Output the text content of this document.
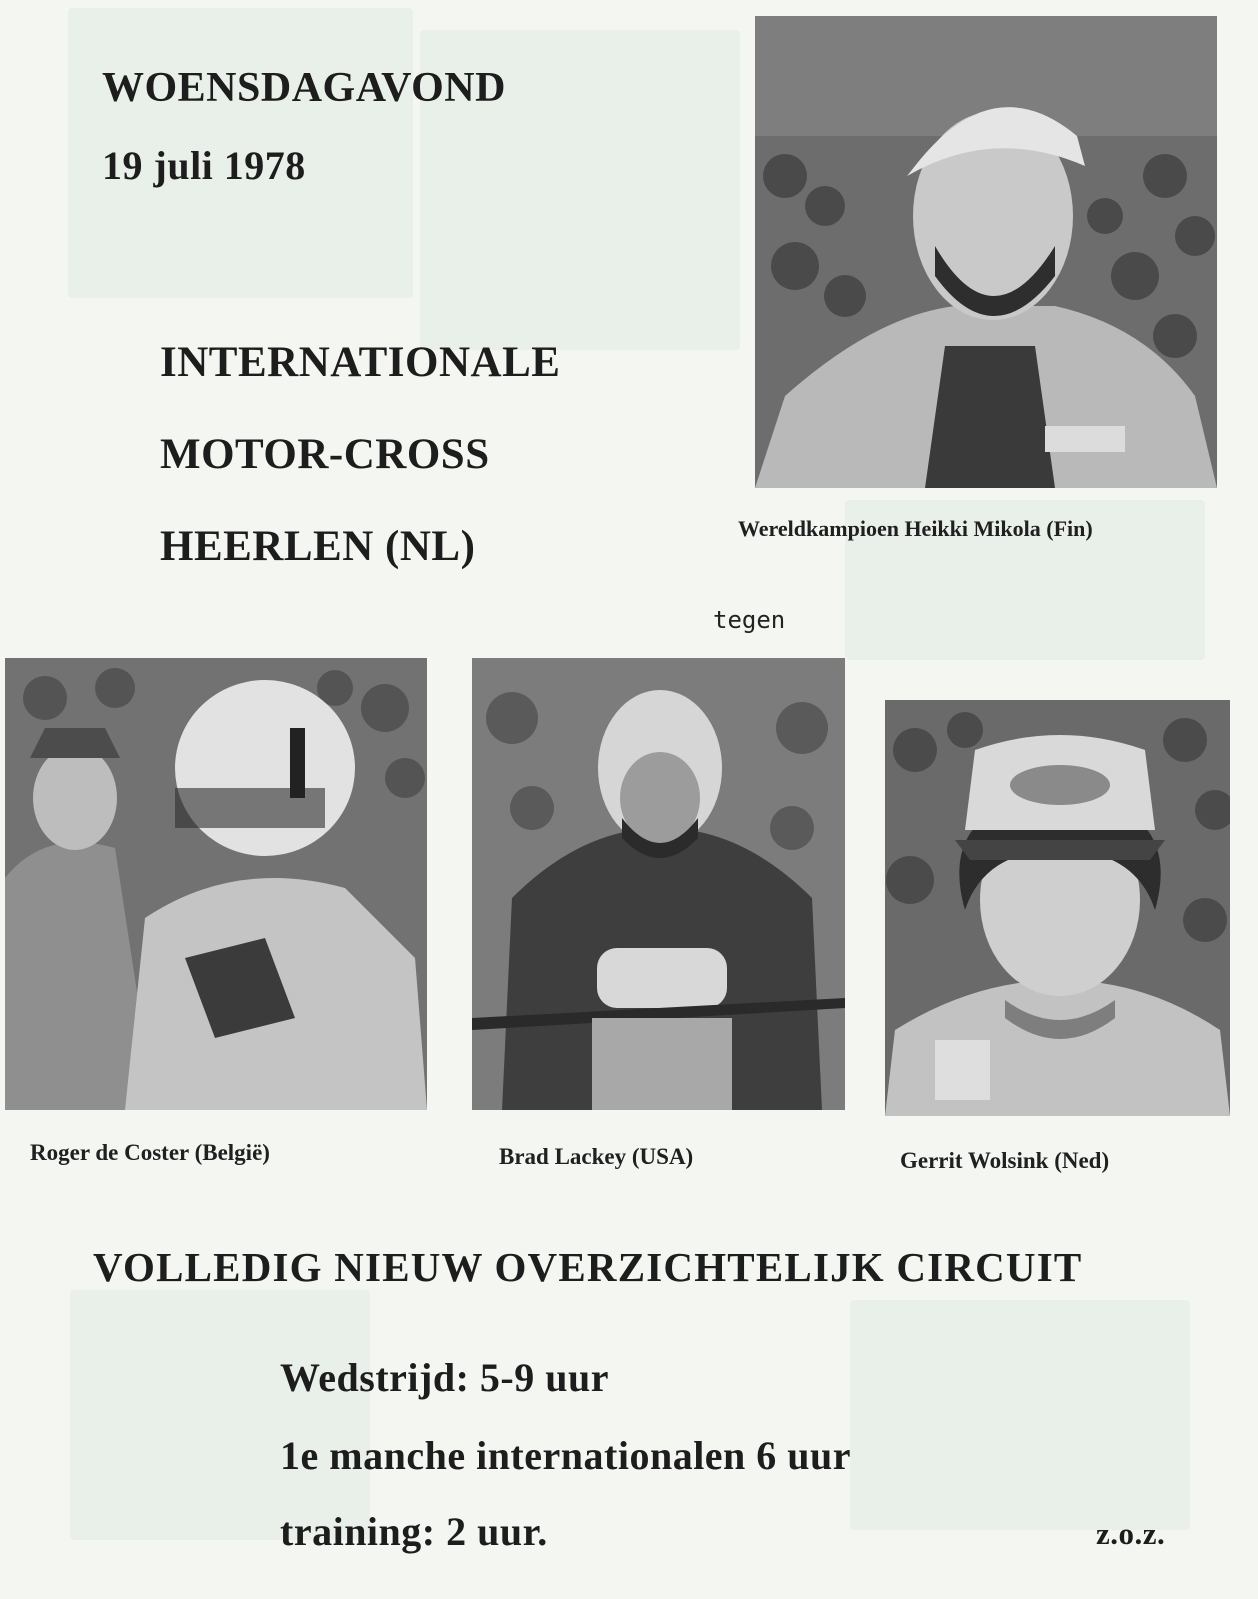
WOENSDAGAVOND
19 juli 1978
INTERNATIONALE
MOTOR-CROSS
HEERLEN (NL)	Wereldkampioen Heikki Mikola (Fin)
tegen
Roger de Coster (België)	Brad Lackey (USA)	Gerrit Wolsink (Ned)
VOLLEDIG NIEUW OVERZICHTELIJK CIRCUIT
Wedstrijd: 5-9 uur
1e manche internationalen 6 uur
training: 2 uur.	z.o.z.
